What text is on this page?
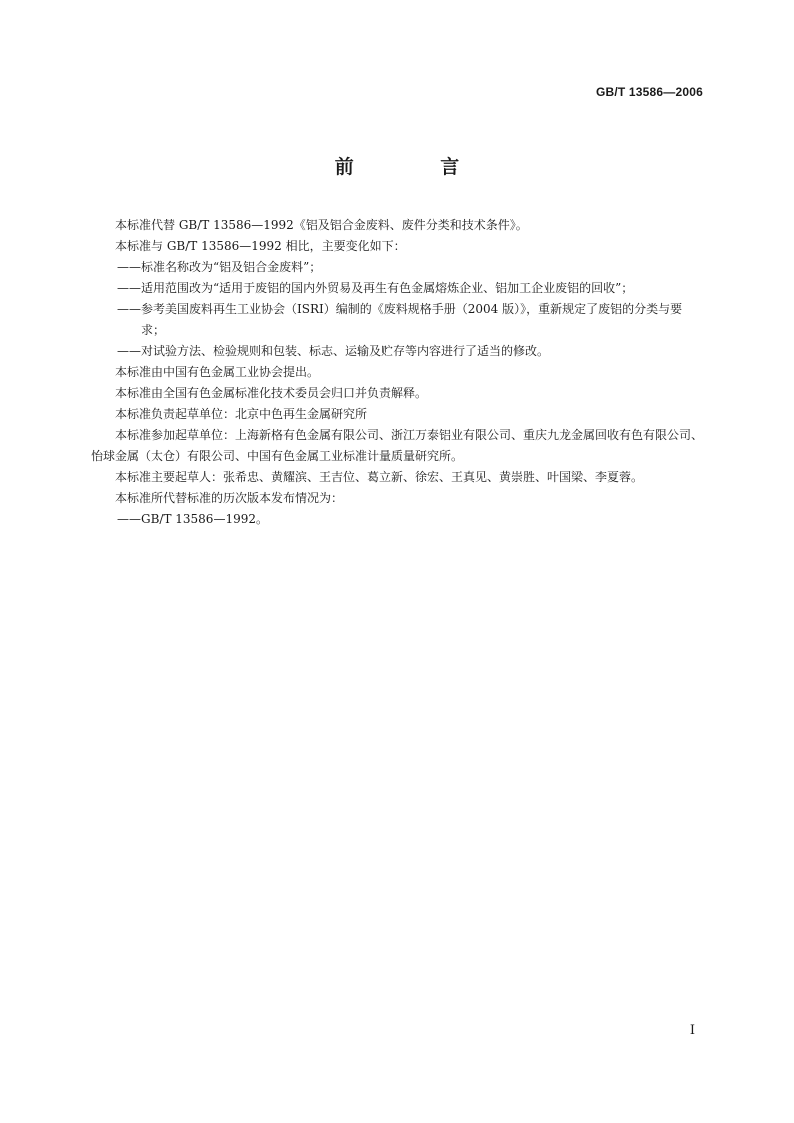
GB/T 13586—2006
前 言

本标准代替 GB/T 13586—1992《铝及铝合金废料、废件分类和技术条件》。

本标准与 GB/T 13586—1992 相比，主要变化如下：

—— 标准名称改为“铝及铝合金废料”；

—— 适用范围改为“适用于废铝的国内外贸易及再生有色金属熔炼企业、铝加工企业废铝的回收”；

—— 参考美国废料再生工业协会（ISRI）编制的《废料规格手册（2004 版）》，重新规定了废铝的分类与要求；

—— 对试验方法、检验规则和包装、标志、运输及贮存等内容进行了适当的修改。

本标准由中国有色金属工业协会提出。

本标准由全国有色金属标准化技术委员会归口并负责解释。

本标准负责起草单位：北京中色再生金属研究所

本标准参加起草单位：上海新格有色金属有限公司、浙江万泰铝业有限公司、重庆九龙金属回收有色有限公司、怡球金属（太仓）有限公司、中国有色金属工业标准计量质量研究所。

本标准主要起草人：张希忠、黄耀滨、王吉位、葛立新、徐宏、王真见、黄崇胜、叶国梁、李夏蓉。

本标准所代替标准的历次版本发布情况为：

—— GB/T 13586—1992。

I
